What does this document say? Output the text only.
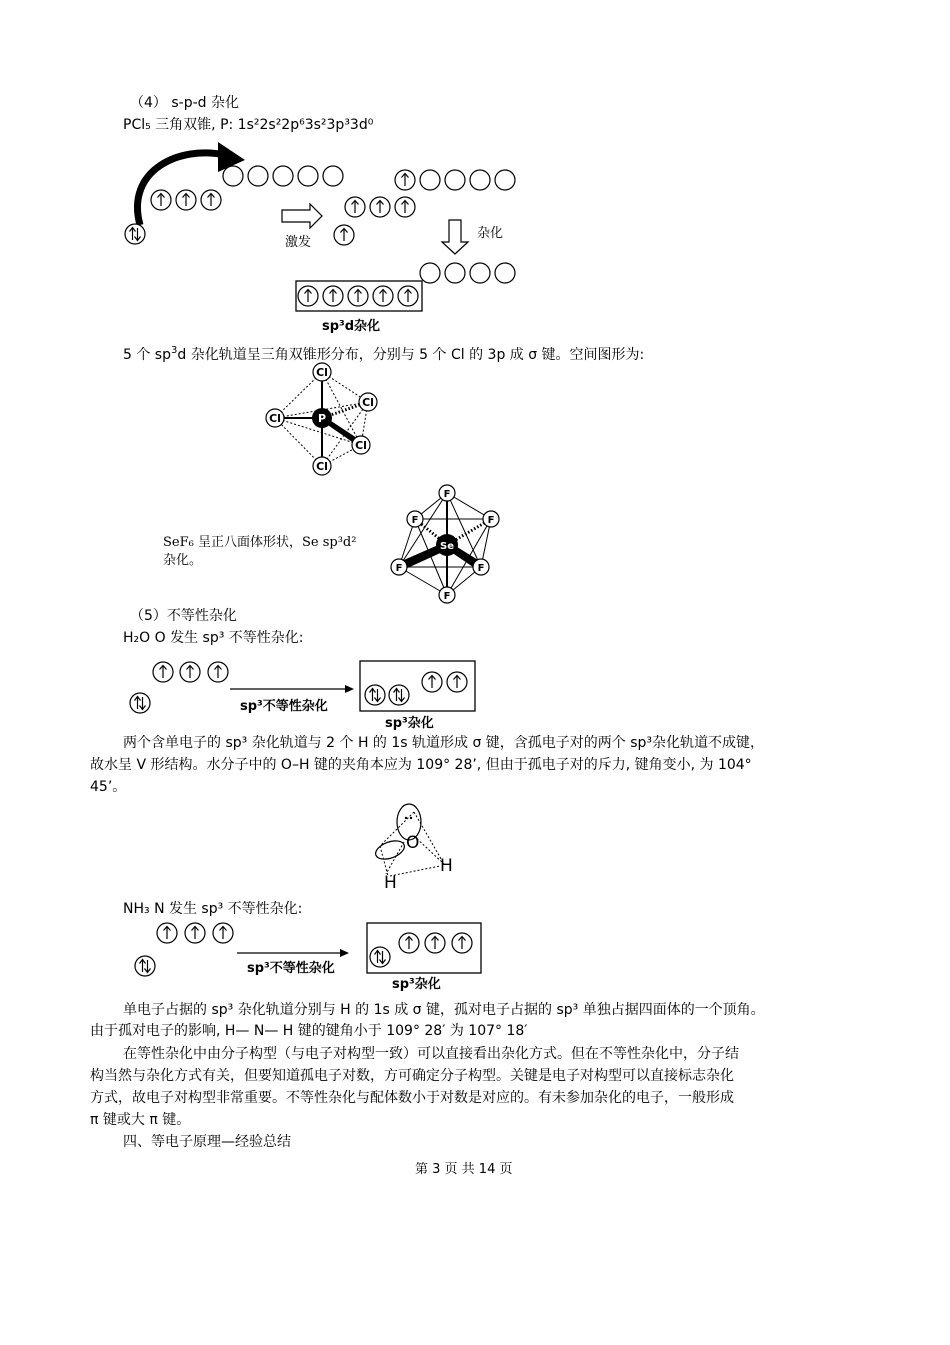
（4） s-p-d 杂化
PCl₅ 三角双锥, P: 1s²2s²2p⁶3s²3p³3d⁰
激发
杂化
sp³d杂化
5 个 $sp^3d$ 杂化轨道呈三角双锥形分布，分别与 5 个 Cl 的 3p 成 σ 键。空间图形为:
Cl
Cl
Cl
Cl
Cl
P
SeF₆ 呈正八面体形状，Se sp³d²
杂化。
F
F	F
F	F
F
Se
（5）不等性杂化
H₂O O 发生 sp³ 不等性杂化:
sp³不等性杂化
sp³杂化
两个含单电子的 sp³ 杂化轨道与 2 个 H 的 1s 轨道形成 σ 键，含孤电子对的两个 sp³杂化轨道不成键，
故水呈 V 形结构。水分子中的 O–H 键的夹角本应为 109° 28’, 但由于孤电子对的斥力, 键角变小, 为 104°
45’。
O
H
H
NH₃ N 发生 sp³ 不等性杂化:
sp³不等性杂化
sp³杂化
单电子占据的 sp³ 杂化轨道分别与 H 的 1s 成 σ 键，孤对电子占据的 sp³ 单独占据四面体的一个顶角。
由于孤对电子的影响, H— N— H 键的键角小于 109° 28′ 为 107° 18′
在等性杂化中由分子构型（与电子对构型一致）可以直接看出杂化方式。但在不等性杂化中，分子结
构当然与杂化方式有关，但要知道孤电子对数，方可确定分子构型。关键是电子对构型可以直接标志杂化
方式，故电子对构型非常重要。不等性杂化与配体数小于对数是对应的。有未参加杂化的电子，一般形成
π 键或大 π 键。
四、等电子原理—经验总结
第 3 页 共 14 页
